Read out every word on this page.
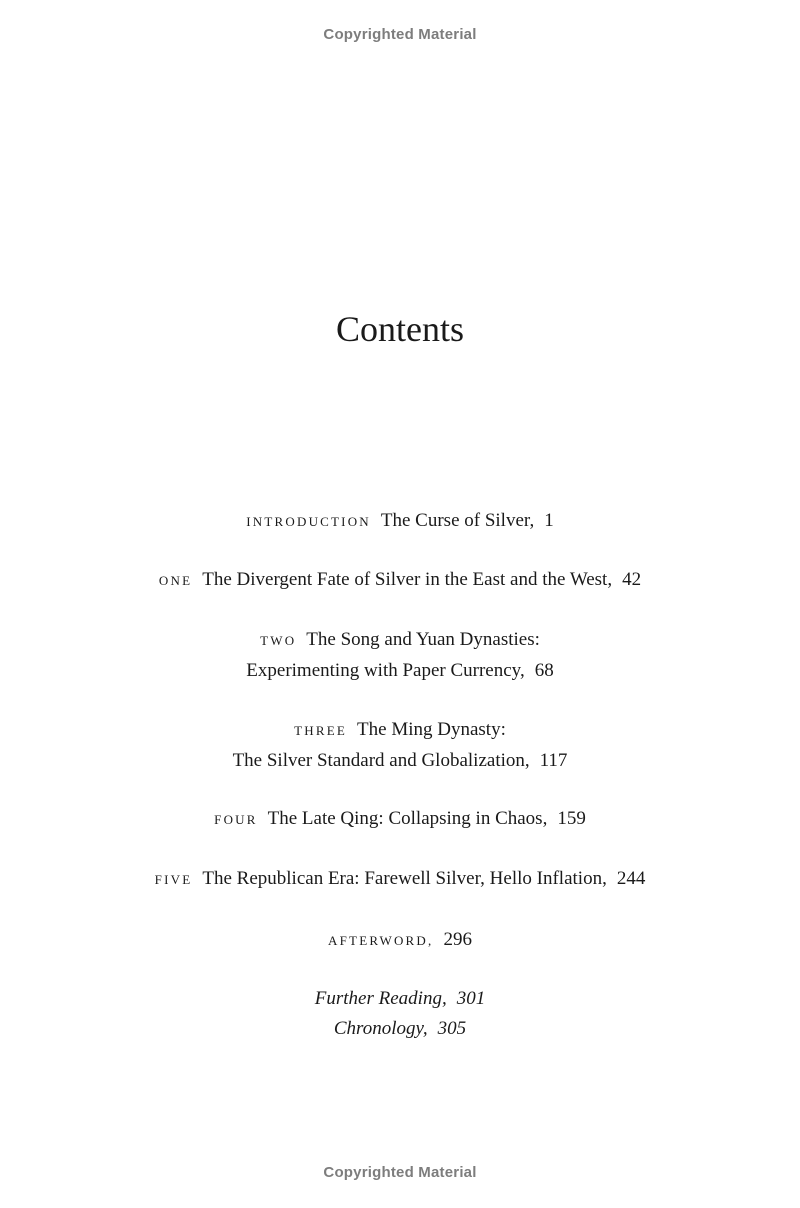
Copyrighted Material
Contents
INTRODUCTION The Curse of Silver, 1
ONE The Divergent Fate of Silver in the East and the West, 42
TWO The Song and Yuan Dynasties:
Experimenting with Paper Currency, 68
THREE The Ming Dynasty:
The Silver Standard and Globalization, 117
FOUR The Late Qing: Collapsing in Chaos, 159
FIVE The Republican Era: Farewell Silver, Hello Inflation, 244
AFTERWORD, 296
Further Reading, 301
Chronology, 305
Copyrighted Material
